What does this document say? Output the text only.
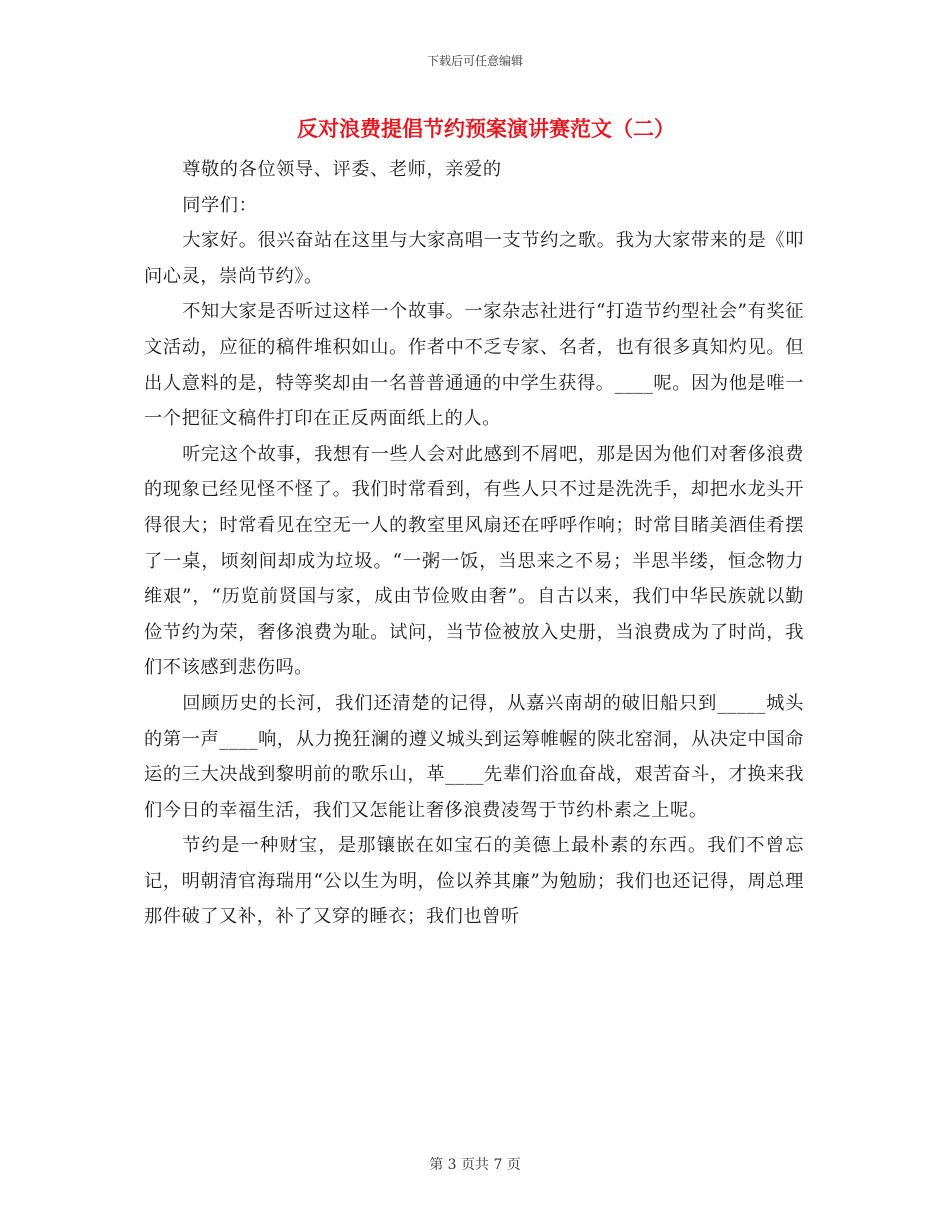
下载后可任意编辑
反对浪费提倡节约预案演讲赛范文（二）

尊敬的各位领导、评委、老师，亲爱的

同学们：

大家好。很兴奋站在这里与大家高唱一支节约之歌。我为大家带来的是《叩问心灵，崇尚节约》。

不知大家是否听过这样一个故事。一家杂志社进行“打造节约型社会”有奖征文活动，应征的稿件堆积如山。作者中不乏专家、名者，也有很多真知灼见。但出人意料的是，特等奖却由一名普普通通的中学生获得。____呢。因为他是唯一一个把征文稿件打印在正反两面纸上的人。

听完这个故事，我想有一些人会对此感到不屑吧，那是因为他们对奢侈浪费的现象已经见怪不怪了。我们时常看到，有些人只不过是洗洗手，却把水龙头开得很大；时常看见在空无一人的教室里风扇还在呼呼作响；时常目睹美酒佳肴摆了一桌，顷刻间却成为垃圾。“一粥一饭，当思来之不易；半思半缕，恒念物力维艰”，“历览前贤国与家，成由节俭败由奢”。自古以来，我们中华民族就以勤俭节约为荣，奢侈浪费为耻。试问，当节俭被放入史册，当浪费成为了时尚，我们不该感到悲伤吗。

回顾历史的长河，我们还清楚的记得，从嘉兴南胡的破旧船只到_____城头的第一声____响，从力挽狂澜的遵义城头到运筹帷幄的陕北窑洞，从决定中国命运的三大决战到黎明前的歌乐山，革____先辈们浴血奋战，艰苦奋斗，才换来我们今日的幸福生活，我们又怎能让奢侈浪费凌驾于节约朴素之上呢。

节约是一种财宝，是那镶嵌在如宝石的美德上最朴素的东西。我们不曾忘记，明朝清官海瑞用“公以生为明，俭以养其廉”为勉励；我们也还记得，周总理那件破了又补，补了又穿的睡衣；我们也曾听

第 3 页共 7 页
